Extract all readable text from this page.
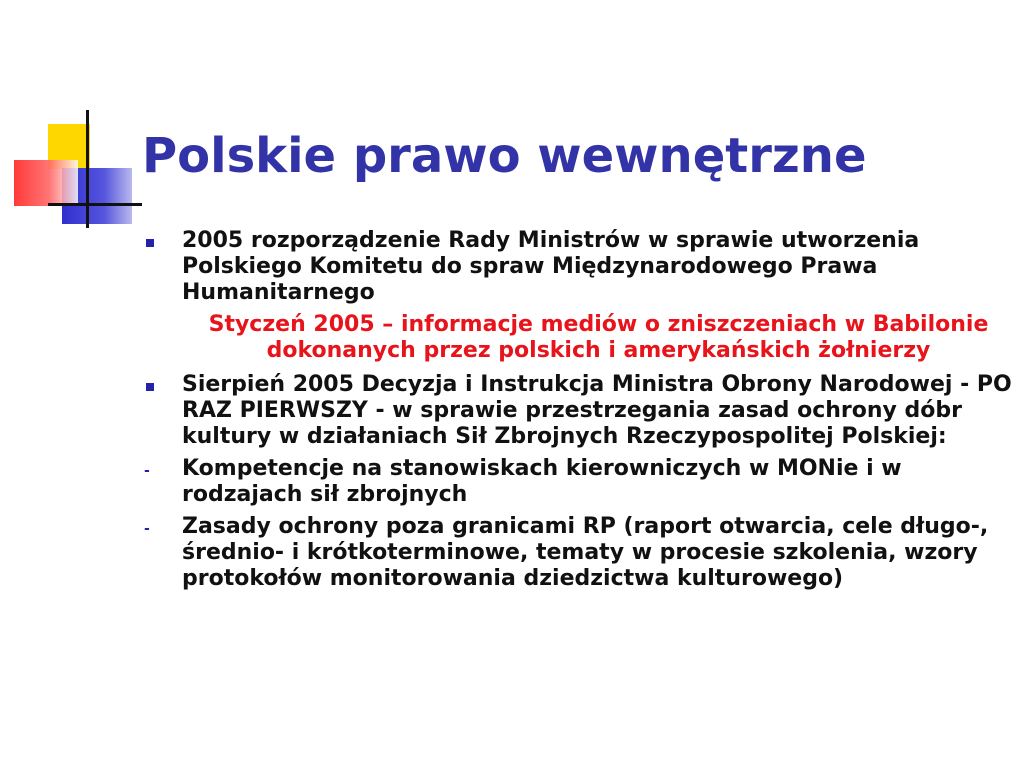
Polskie prawo wewnętrzne
2005 rozporządzenie Rady Ministrów w sprawie utworzenia Polskiego Komitetu do spraw Międzynarodowego Prawa Humanitarnego
Styczeń 2005 – informacje mediów o zniszczeniach w Babilonie dokonanych przez polskich i amerykańskich żołnierzy
Sierpień 2005 Decyzja i Instrukcja Ministra Obrony Narodowej - PO RAZ PIERWSZY - w sprawie przestrzegania zasad ochrony dóbr kultury w działaniach Sił Zbrojnych Rzeczypospolitej Polskiej:
-	Kompetencje na stanowiskach kierowniczych w MONie i w rodzajach sił zbrojnych
-	Zasady ochrony poza granicami RP (raport otwarcia, cele długo-, średnio- i krótkoterminowe, tematy w procesie szkolenia, wzory protokołów monitorowania dziedzictwa kulturowego)
